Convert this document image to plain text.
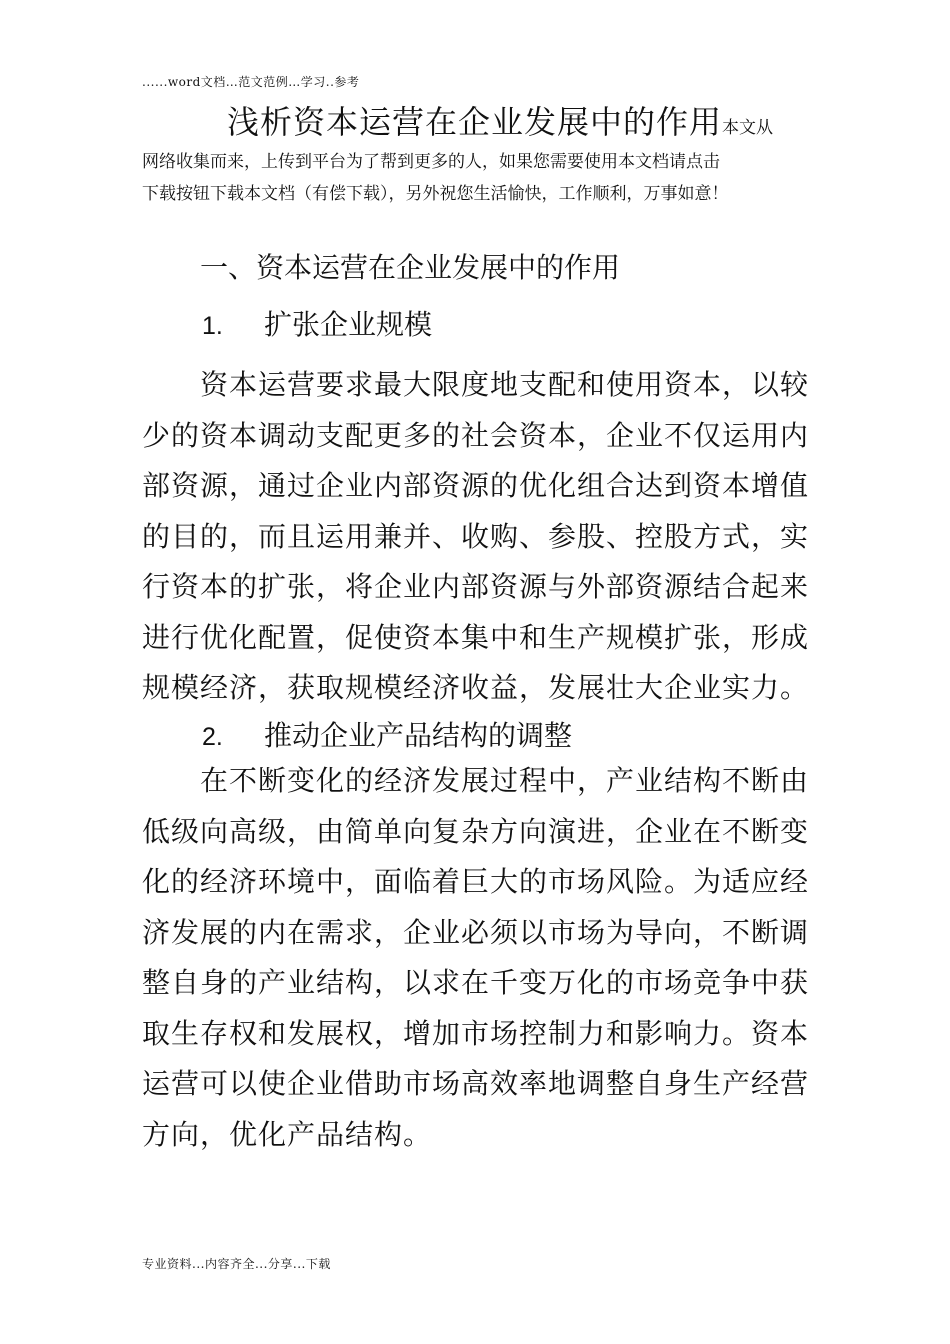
......word文档…范文范例…学习..参考
浅析资本运营在企业发展中的作用本文从
网络收集而来，上传到平台为了帮到更多的人，如果您需要使用本文档请点击
下载按钮下载本文档（有偿下载），另外祝您生活愉快，工作顺利，万事如意！
一、资本运营在企业发展中的作用
1. 扩张企业规模
资本运营要求最大限度地支配和使用资本，以较
少的资本调动支配更多的社会资本，企业不仅运用内
部资源，通过企业内部资源的优化组合达到资本增值
的目的，而且运用兼并、收购、参股、控股方式，实
行资本的扩张，将企业内部资源与外部资源结合起来
进行优化配置，促使资本集中和生产规模扩张，形成
规模经济，获取规模经济收益，发展壮大企业实力。
2. 推动企业产品结构的调整
在不断变化的经济发展过程中，产业结构不断由
低级向高级，由简单向复杂方向演进，企业在不断变
化的经济环境中，面临着巨大的市场风险。为适应经
济发展的内在需求，企业必须以市场为导向，不断调
整自身的产业结构，以求在千变万化的市场竞争中获
取生存权和发展权，增加市场控制力和影响力。资本
运营可以使企业借助市场高效率地调整自身生产经营
方向，优化产品结构。
专业资料...内容齐全...分享...下载
